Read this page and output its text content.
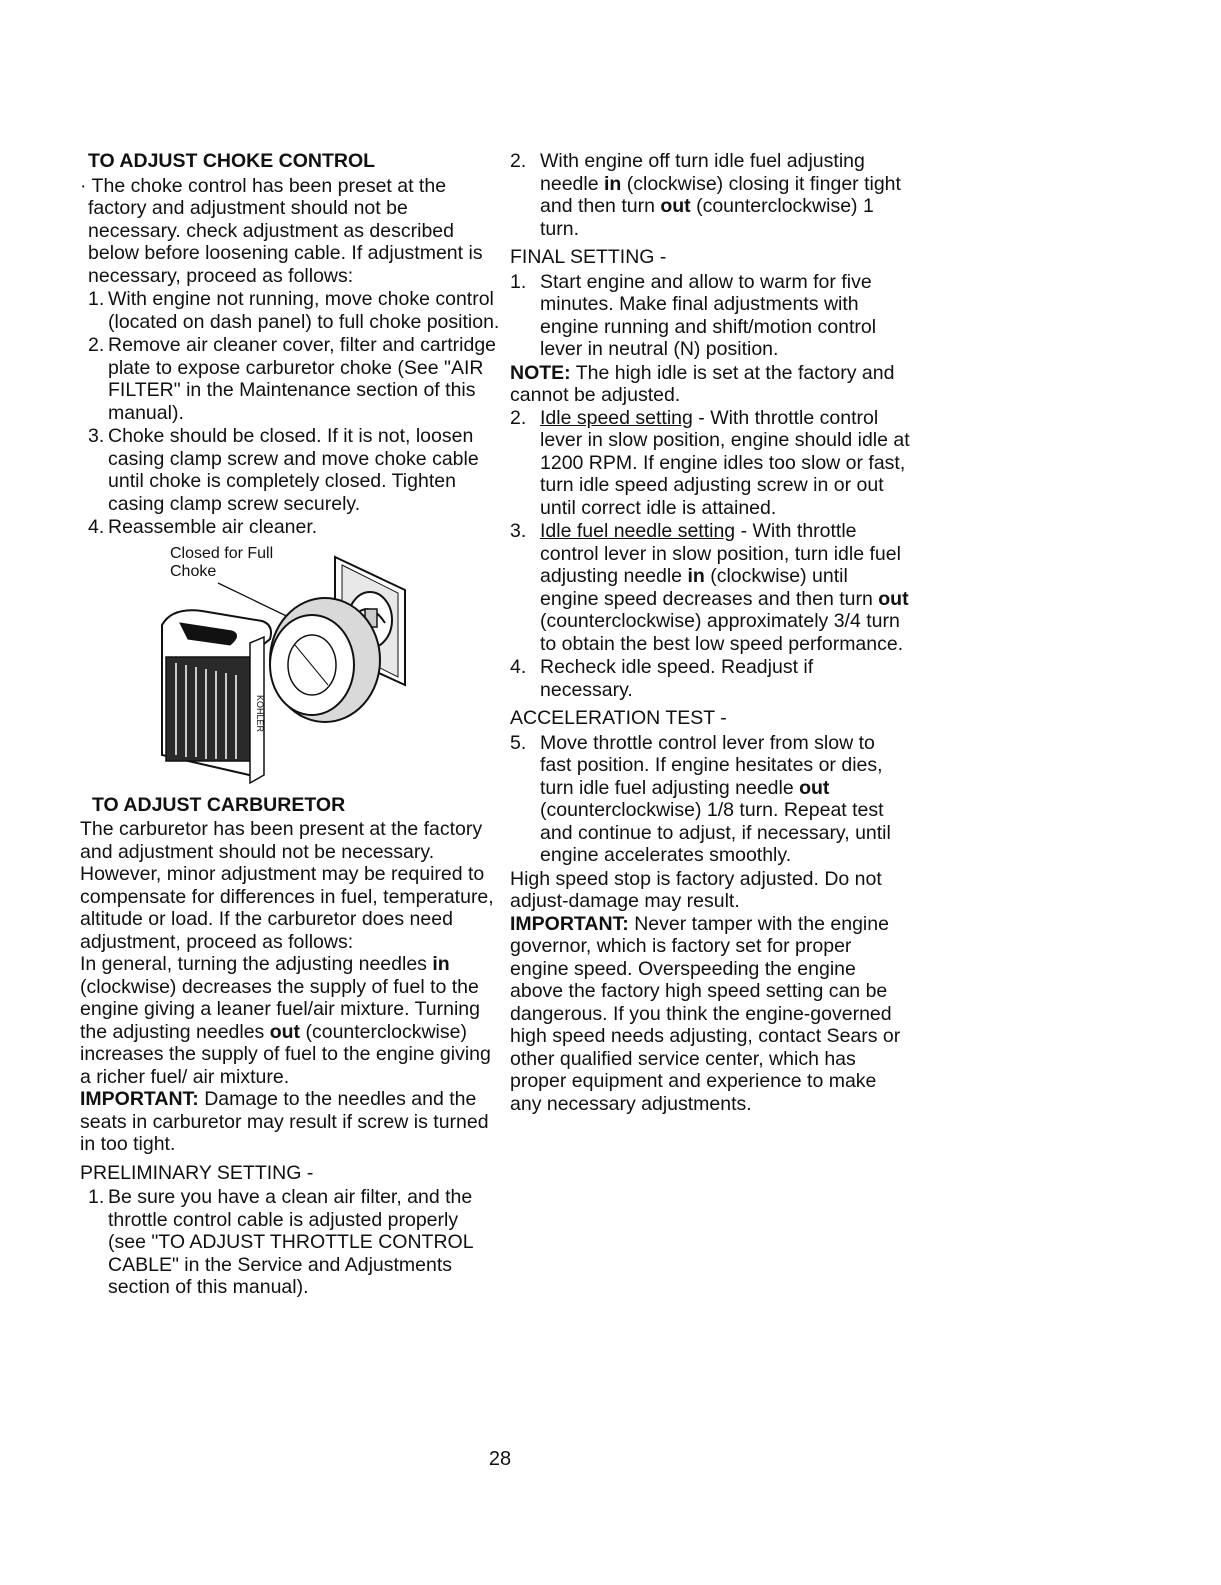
TO ADJUST CHOKE CONTROL

· The choke control has been preset at the factory and adjustment should not be necessary. check adjustment as described below before loosening cable. If adjustment is necessary, proceed as follows:

1. With engine not running, move choke control (located on dash panel) to full choke position.
2. Remove air cleaner cover, filter and cartridge plate to expose carburetor choke (See "AIR FILTER" in the Maintenance section of this manual).
3. Choke should be closed. If it is not, loosen casing clamp screw and move choke cable until choke is completely closed. Tighten casing clamp screw securely.
4. Reassemble air cleaner.
Closed for Full Choke
KOHLER
TO ADJUST CARBURETOR

The carburetor has been present at the factory and adjustment should not be necessary. However, minor adjustment may be required to compensate for differences in fuel, temperature, altitude or load. If the carburetor does need adjustment, proceed as follows:

In general, turning the adjusting needles in (clockwise) decreases the supply of fuel to the engine giving a leaner fuel/air mixture. Turning the adjusting needles out (counterclockwise) increases the supply of fuel to the engine giving a richer fuel/ air mixture.

IMPORTANT: Damage to the needles and the seats in carburetor may result if screw is turned in too tight.

PRELIMINARY SETTING -
1. Be sure you have a clean air filter, and the throttle control cable is adjusted properly (see "TO ADJUST THROTTLE CONTROL CABLE" in the Service and Adjustments section of this manual).
2. With engine off turn idle fuel adjusting needle in (clockwise) closing it finger tight and then turn out (counterclockwise) 1 turn.
FINAL SETTING -
1. Start engine and allow to warm for five minutes. Make final adjustments with engine running and shift/motion control lever in neutral (N) position.

NOTE: The high idle is set at the factory and cannot be adjusted.

2. Idle speed setting - With throttle control lever in slow position, engine should idle at 1200 RPM. If engine idles too slow or fast, turn idle speed adjusting screw in or out until correct idle is attained.
3. Idle fuel needle setting - With throttle control lever in slow position, turn idle fuel adjusting needle in (clockwise) until engine speed decreases and then turn out (counterclockwise) approximately 3/4 turn to obtain the best low speed performance.
4. Recheck idle speed. Readjust if necessary.
ACCELERATION TEST -
5. Move throttle control lever from slow to fast position. If engine hesitates or dies, turn idle fuel adjusting needle out (counterclockwise) 1/8 turn. Repeat test and continue to adjust, if necessary, until engine accelerates smoothly.

High speed stop is factory adjusted. Do not adjust-damage may result.

IMPORTANT: Never tamper with the engine governor, which is factory set for proper engine speed. Overspeeding the engine above the factory high speed setting can be dangerous. If you think the engine-governed high speed needs adjusting, contact Sears or other qualified service center, which has proper equipment and experience to make any necessary adjustments.

28
